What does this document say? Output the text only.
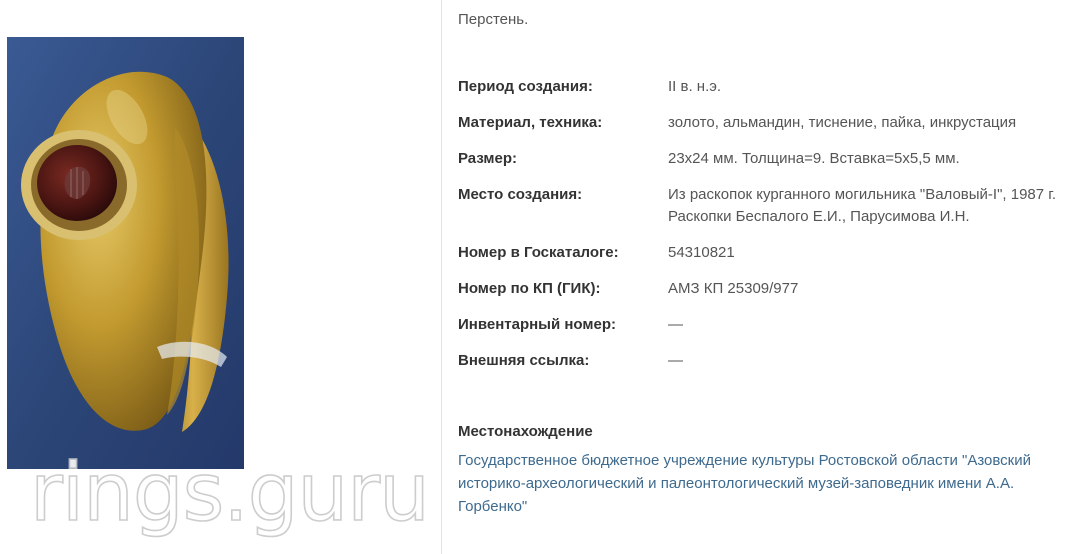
rings.guru
Перстень.
Период создания:	II в. н.э.
Материал, техника:	золото, альмандин, тиснение, пайка, инкрустация
Размер:	23x24 мм. Толщина=9. Вставка=5x5,5 мм.
Место создания:	Из раскопок курганного могильника "Валовый-I", 1987 г. Раскопки Беспалого Е.И., Парусимова И.Н.
Номер в Госкаталоге:	54310821
Номер по КП (ГИК):	АМЗ КП 25309/977
Инвентарный номер:	—
Внешняя ссылка:	—
Местонахождение
Государственное бюджетное учреждение культуры Ростовской области "Азовский историко-археологический и палеонтологический музей-заповедник имени А.А. Горбенко"
